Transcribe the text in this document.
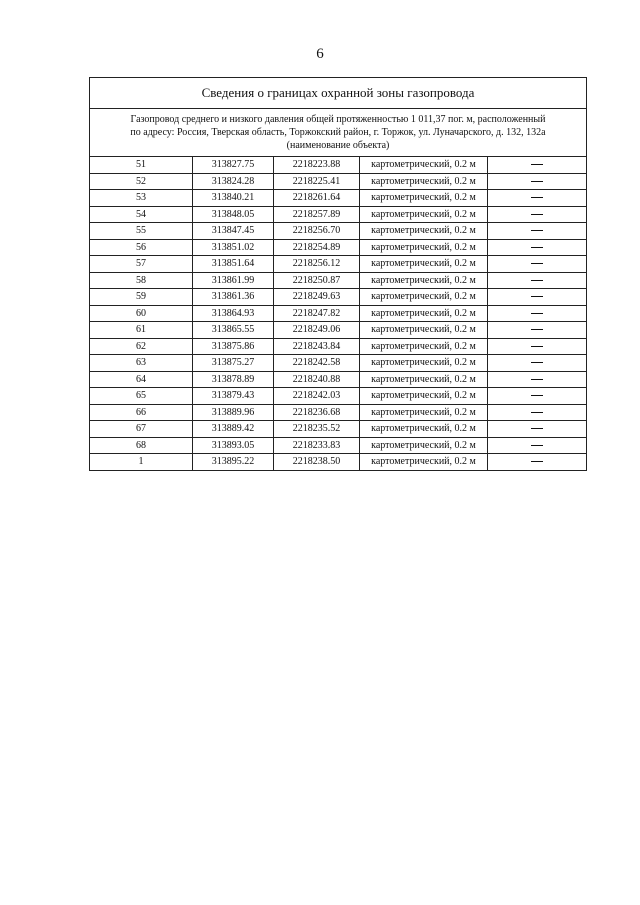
6
Сведения о границах охранной зоны газопровода				

Газопровод среднего и низкого давления общей протяженностью 1 011,37 пог. м, расположенный
по адресу: Россия, Тверская область, Торжокский район, г. Торжок, ул. Луначарского, д. 132, 132а
(наименование объекта)				

51	313827.75	2218223.88	картометрический, 0.2 м	
52	313824.28	2218225.41	картометрический, 0.2 м	
53	313840.21	2218261.64	картометрический, 0.2 м	
54	313848.05	2218257.89	картометрический, 0.2 м	
55	313847.45	2218256.70	картометрический, 0.2 м	
56	313851.02	2218254.89	картометрический, 0.2 м	
57	313851.64	2218256.12	картометрический, 0.2 м	
58	313861.99	2218250.87	картометрический, 0.2 м	
59	313861.36	2218249.63	картометрический, 0.2 м	
60	313864.93	2218247.82	картометрический, 0.2 м	
61	313865.55	2218249.06	картометрический, 0.2 м	
62	313875.86	2218243.84	картометрический, 0.2 м	
63	313875.27	2218242.58	картометрический, 0.2 м	
64	313878.89	2218240.88	картометрический, 0.2 м	
65	313879.43	2218242.03	картометрический, 0.2 м	
66	313889.96	2218236.68	картометрический, 0.2 м	
67	313889.42	2218235.52	картометрический, 0.2 м	
68	313893.05	2218233.83	картометрический, 0.2 м	
1	313895.22	2218238.50	картометрический, 0.2 м	
